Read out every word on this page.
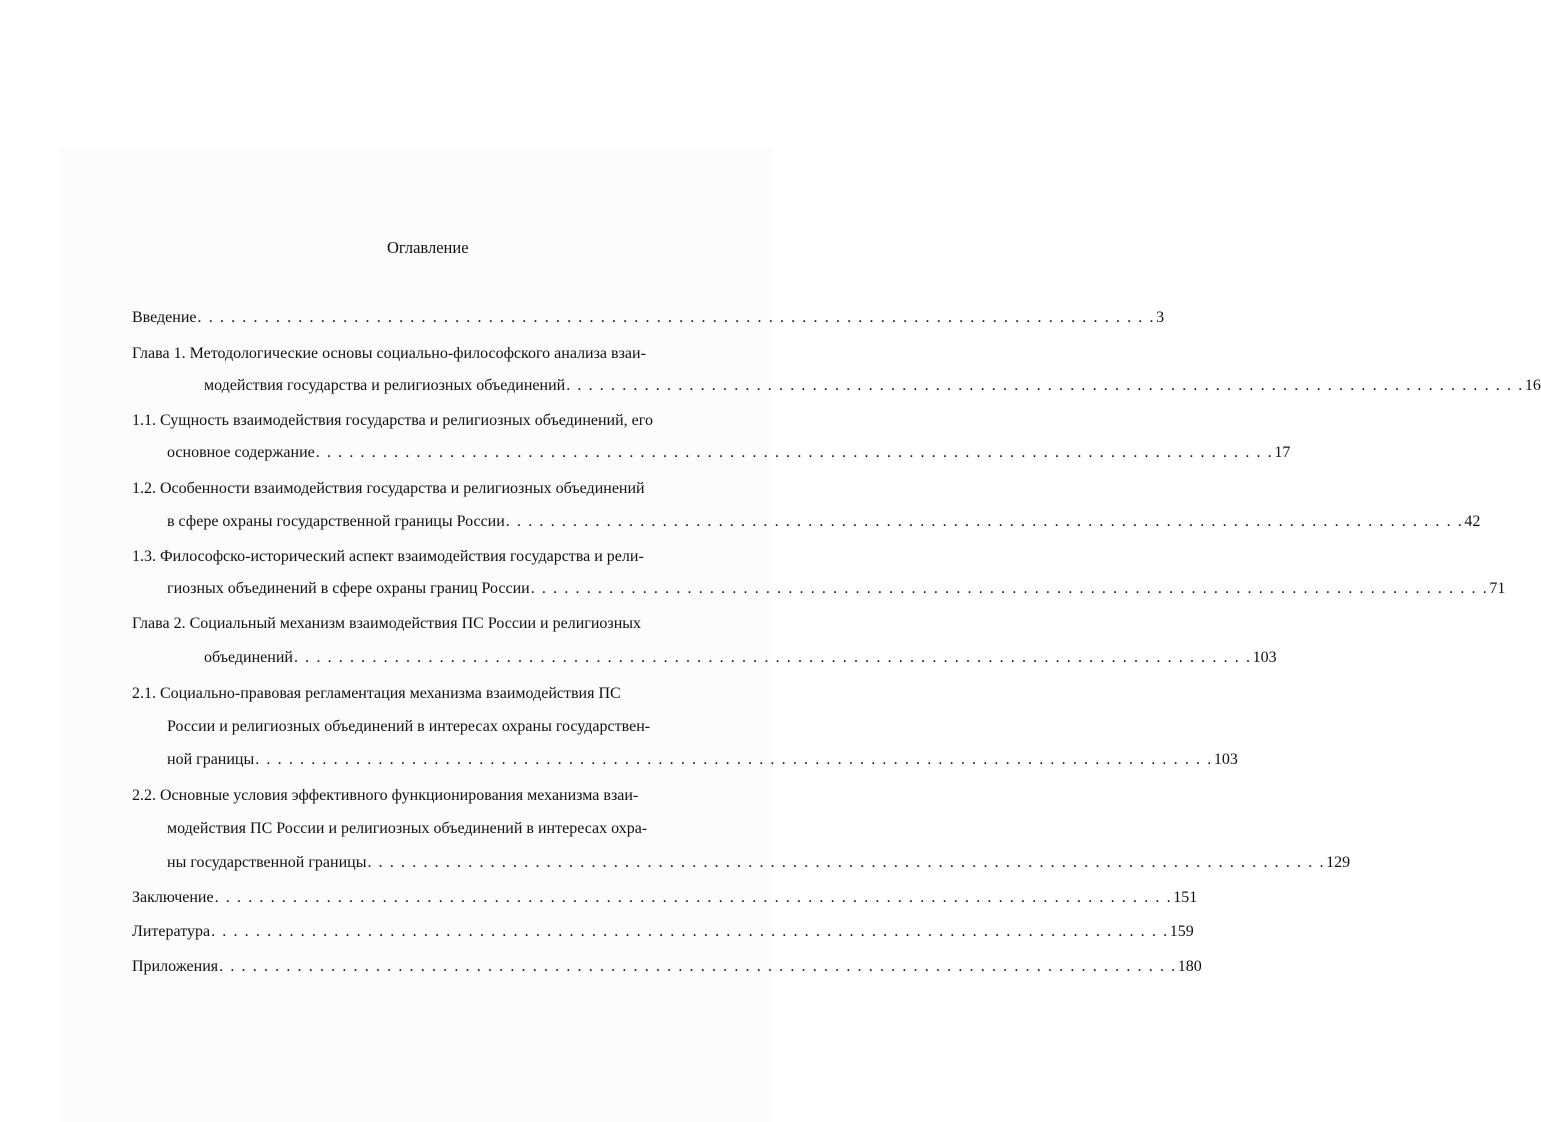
Оглавление
Введение . . . . . . . . . . . . . . . . . . . . . . . . . . . . . . . . . . . . . . . . . . . . . . . . . . . . . . . . . . . . . . . . . . . . . . . . . . . . . . . . . . . . . . 3
Глава 1. Методологические основы социально-философского анализа взаи-
модействия государства и религиозных объединений . . . . . . . . . . . . . . . . . . . . . . . . . . . . . . . . . . . . . . . . . . . . . . . . . . . . . . . . . . . . . . . . . . . . . . . . . . . . . . . . . . . . . . 16
1.1. Сущность взаимодействия государства и религиозных объединений, его
основное содержание . . . . . . . . . . . . . . . . . . . . . . . . . . . . . . . . . . . . . . . . . . . . . . . . . . . . . . . . . . . . . . . . . . . . . . . . . . . . . . . . . . . . . . 17
1.2. Особенности взаимодействия государства и религиозных объединений
в сфере охраны государственной границы России . . . . . . . . . . . . . . . . . . . . . . . . . . . . . . . . . . . . . . . . . . . . . . . . . . . . . . . . . . . . . . . . . . . . . . . . . . . . . . . . . . . . . . 42
1.3. Философско-исторический аспект взаимодействия государства и рели-
гиозных объединений в сфере охраны границ России . . . . . . . . . . . . . . . . . . . . . . . . . . . . . . . . . . . . . . . . . . . . . . . . . . . . . . . . . . . . . . . . . . . . . . . . . . . . . . . . . . . . . . 71
Глава 2. Социальный механизм взаимодействия ПС России и религиозных
объединений . . . . . . . . . . . . . . . . . . . . . . . . . . . . . . . . . . . . . . . . . . . . . . . . . . . . . . . . . . . . . . . . . . . . . . . . . . . . . . . . . . . . . . 103
2.1. Социально-правовая регламентация механизма взаимодействия ПС
России и религиозных объединений в интересах охраны государствен-
ной границы . . . . . . . . . . . . . . . . . . . . . . . . . . . . . . . . . . . . . . . . . . . . . . . . . . . . . . . . . . . . . . . . . . . . . . . . . . . . . . . . . . . . . . 103
2.2. Основные условия эффективного функционирования механизма взаи-
модействия ПС России и религиозных объединений в интересах охра-
ны государственной границы . . . . . . . . . . . . . . . . . . . . . . . . . . . . . . . . . . . . . . . . . . . . . . . . . . . . . . . . . . . . . . . . . . . . . . . . . . . . . . . . . . . . . . 129
Заключение . . . . . . . . . . . . . . . . . . . . . . . . . . . . . . . . . . . . . . . . . . . . . . . . . . . . . . . . . . . . . . . . . . . . . . . . . . . . . . . . . . . . . . 151
Литература . . . . . . . . . . . . . . . . . . . . . . . . . . . . . . . . . . . . . . . . . . . . . . . . . . . . . . . . . . . . . . . . . . . . . . . . . . . . . . . . . . . . . . 159
Приложения . . . . . . . . . . . . . . . . . . . . . . . . . . . . . . . . . . . . . . . . . . . . . . . . . . . . . . . . . . . . . . . . . . . . . . . . . . . . . . . . . . . . . . 180
